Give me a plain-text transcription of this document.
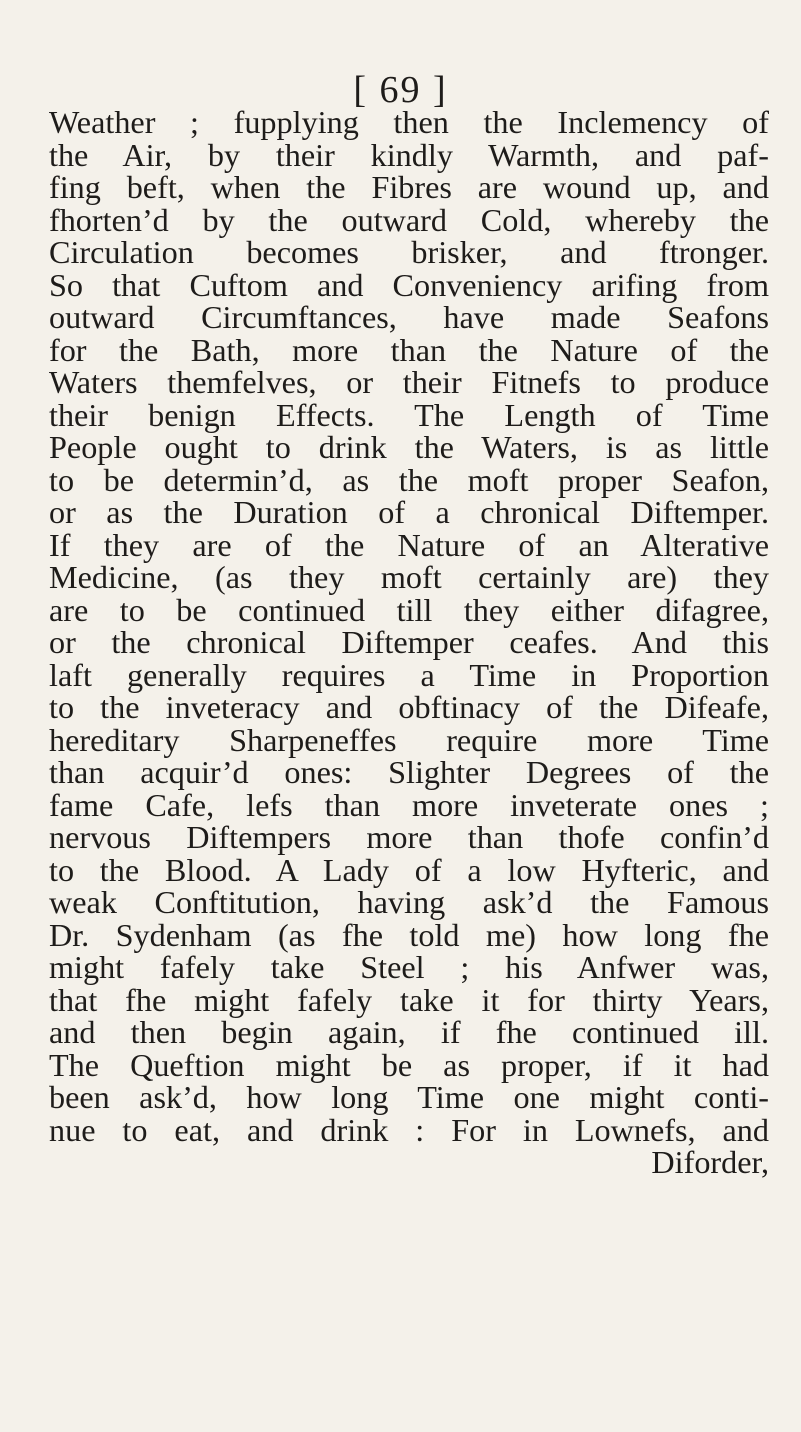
[ 69 ]
Weather ; fupplying then the Inclemency of
the Air, by their kindly Warmth, and paf-
fing beft, when the Fibres are wound up, and
fhorten’d by the outward Cold, whereby the
Circulation becomes brisker, and ftronger.
So that Cuftom and Conveniency arifing from
outward Circumftances, have made Seafons
for the Bath, more than the Nature of the
Waters themfelves, or their Fitnefs to produce
their benign Effects. The Length of Time
People ought to drink the Waters, is as little
to be determin’d, as the moft proper Seafon,
or as the Duration of a chronical Diftemper.
If they are of the Nature of an Alterative
Medicine, (as they moft certainly are) they
are to be continued till they either difagree,
or the chronical Diftemper ceafes. And this
laft generally requires a Time in Proportion
to the inveteracy and obftinacy of the Difeafe,
hereditary Sharpeneffes require more Time
than acquir’d ones: Slighter Degrees of the
fame Cafe, lefs than more inveterate ones ;
nervous Diftempers more than thofe confin’d
to the Blood. A Lady of a low Hyfteric, and
weak Conftitution, having ask’d the Famous
Dr. Sydenham (as fhe told me) how long fhe
might fafely take Steel ; his Anfwer was,
that fhe might fafely take it for thirty Years,
and then begin again, if fhe continued ill.
The Queftion might be as proper, if it had
been ask’d, how long Time one might conti-
nue to eat, and drink : For in Lownefs, and
Diforder,
